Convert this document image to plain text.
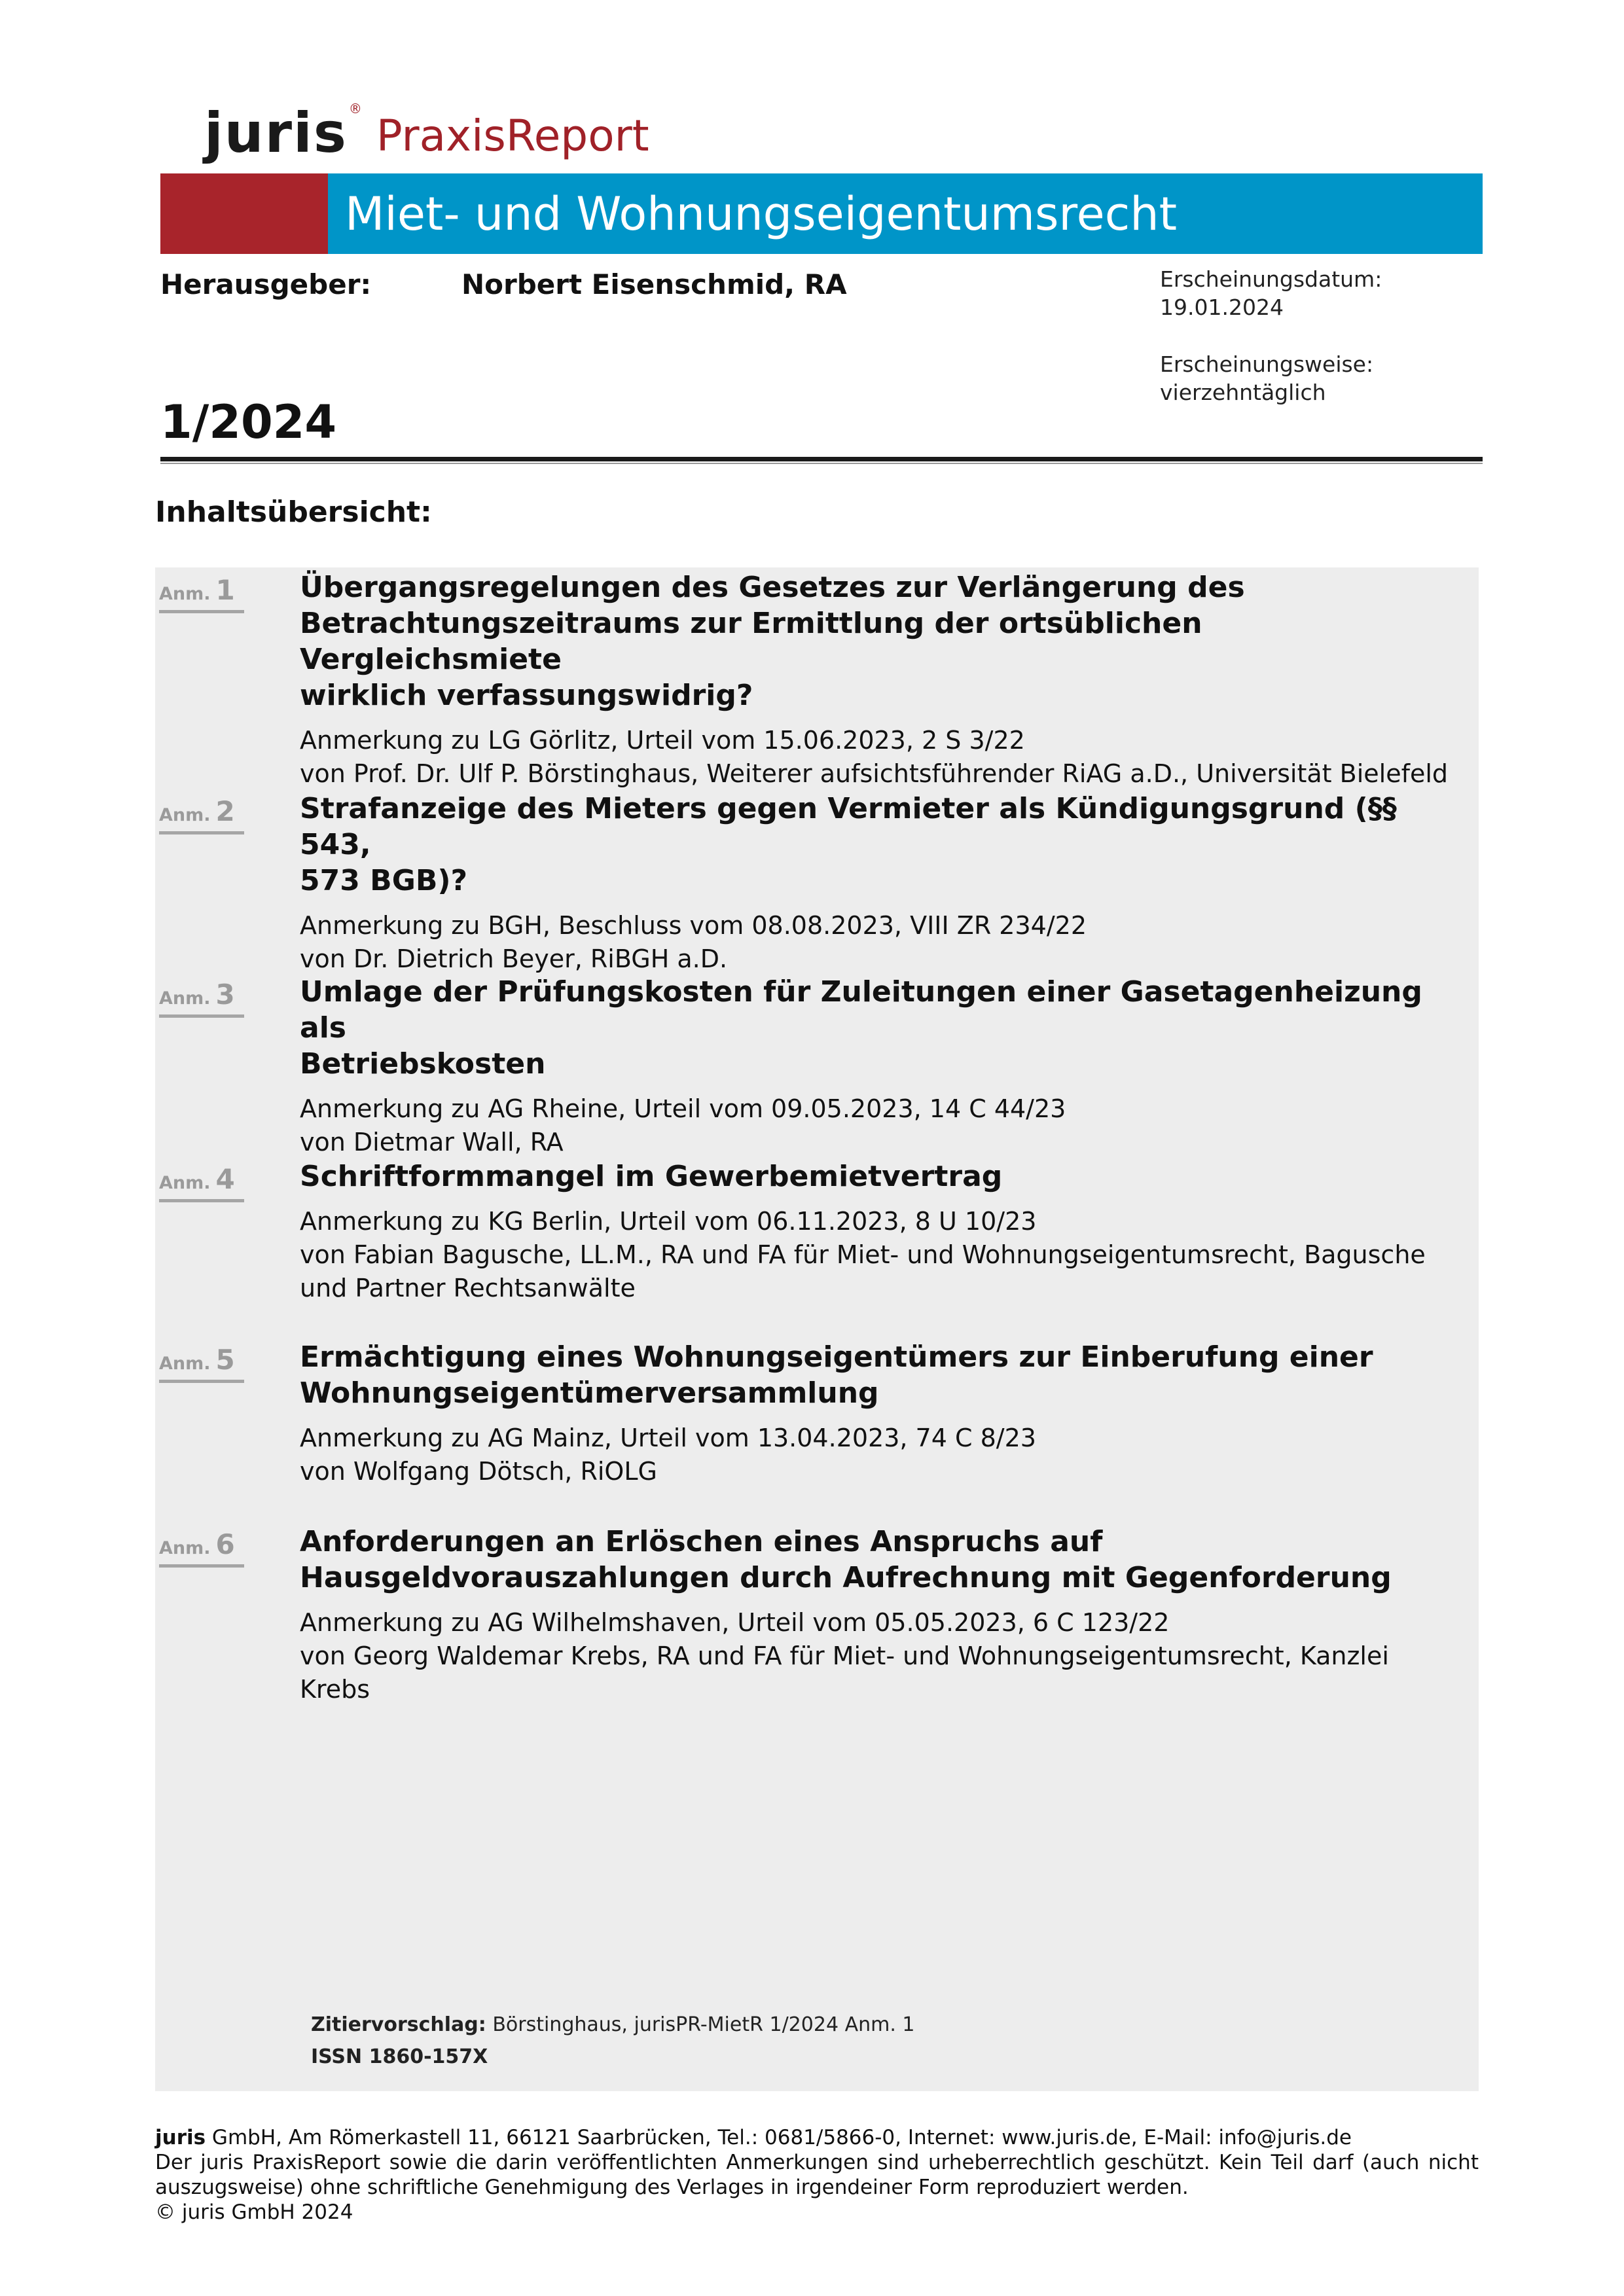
juris ®
PraxisReport
Miet- und Wohnungseigentumsrecht
Herausgeber:	Norbert Eisenschmid, RA	Erscheinungsdatum:
19.01.2024
Erscheinungsweise:
vierzehntäglich
1/2024
Inhaltsübersicht:
Anm. 1	Übergangsregelungen des Gesetzes zur Verlängerung des
Betrachtungszeitraums zur Ermittlung der ortsüblichen Vergleichsmiete
wirklich verfassungswidrig?
Anmerkung zu LG Görlitz, Urteil vom 15.06.2023, 2 S 3/22
von Prof. Dr. Ulf P. Börstinghaus, Weiterer aufsichtsführender RiAG a.D., Universität Bielefeld
Anm. 2	Strafanzeige des Mieters gegen Vermieter als Kündigungsgrund (§§ 543,
573 BGB)?
Anmerkung zu BGH, Beschluss vom 08.08.2023, VIII ZR 234/22
von Dr. Dietrich Beyer, RiBGH a.D.
Anm. 3	Umlage der Prüfungskosten für Zuleitungen einer Gasetagenheizung als
Betriebskosten
Anmerkung zu AG Rheine, Urteil vom 09.05.2023, 14 C 44/23
von Dietmar Wall, RA
Anm. 4	Schriftformmangel im Gewerbemietvertrag
Anmerkung zu KG Berlin, Urteil vom 06.11.2023, 8 U 10/23
von Fabian Bagusche, LL.M., RA und FA für Miet- und Wohnungseigentumsrecht, Bagusche
und Partner Rechtsanwälte
Anm. 5	Ermächtigung eines Wohnungseigentümers zur Einberufung einer
Wohnungseigentümerversammlung
Anmerkung zu AG Mainz, Urteil vom 13.04.2023, 74 C 8/23
von Wolfgang Dötsch, RiOLG
Anm. 6	Anforderungen an Erlöschen eines Anspruchs auf
Hausgeldvorauszahlungen durch Aufrechnung mit Gegenforderung
Anmerkung zu AG Wilhelmshaven, Urteil vom 05.05.2023, 6 C 123/22
von Georg Waldemar Krebs, RA und FA für Miet- und Wohnungseigentumsrecht, Kanzlei
Krebs
Zitiervorschlag: Börstinghaus, jurisPR-MietR 1/2024 Anm. 1
ISSN 1860-157X
juris GmbH, Am Römerkastell 11, 66121 Saarbrücken, Tel.: 0681/5866-0, Internet: www.juris.de, E-Mail: info@juris.de
Der juris PraxisReport sowie die darin veröffentlichten Anmerkungen sind urheberrechtlich geschützt. Kein Teil darf (auch nicht
auszugsweise) ohne schriftliche Genehmigung des Verlages in irgendeiner Form reproduziert werden.
© juris GmbH 2024
